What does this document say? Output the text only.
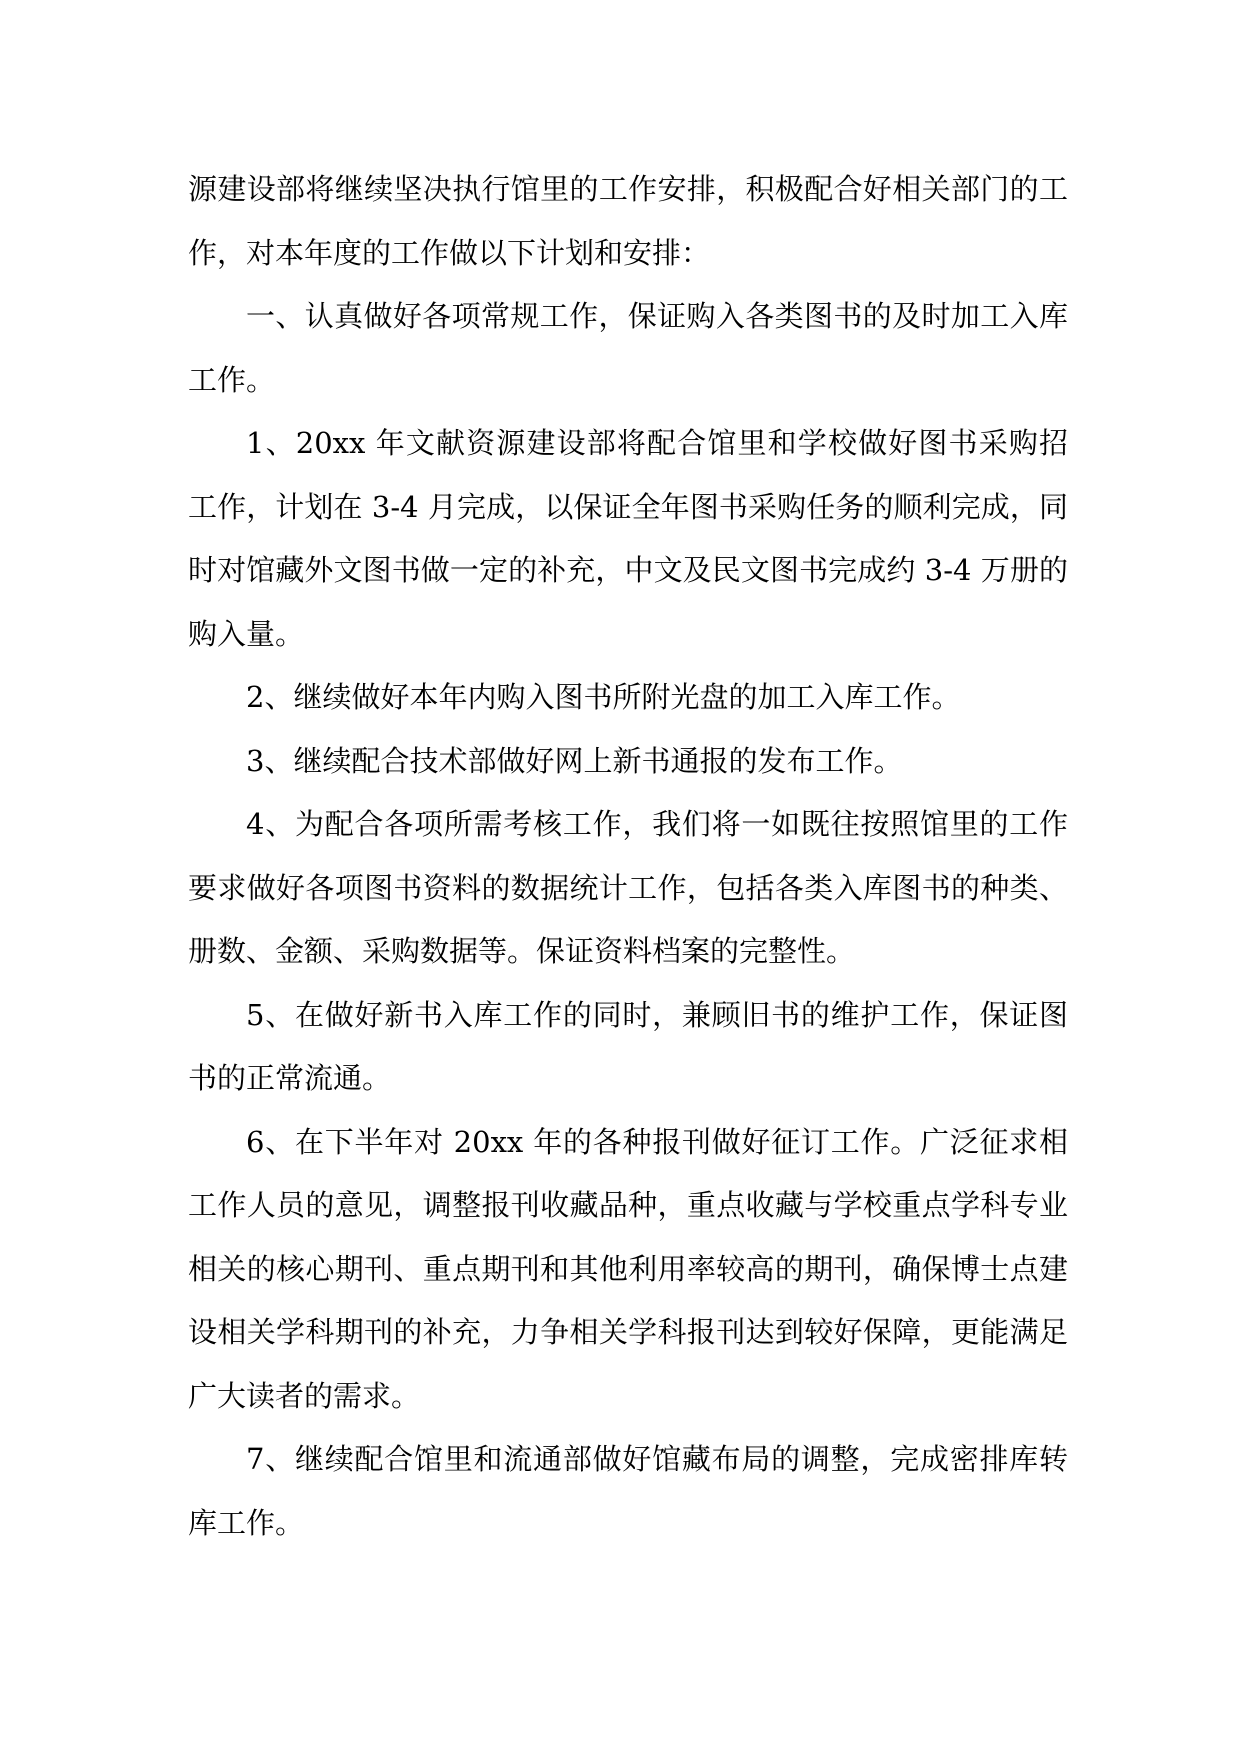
源建设部将继续坚决执行馆里的工作安排，积极配合好相关部门的工
作，对本年度的工作做以下计划和安排：
一、认真做好各项常规工作，保证购入各类图书的及时加工入库
工作。
1、20xx 年文献资源建设部将配合馆里和学校做好图书采购招
工作，计划在 3-4 月完成，以保证全年图书采购任务的顺利完成，同
时对馆藏外文图书做一定的补充，中文及民文图书完成约 3-4 万册的
购入量。
2、继续做好本年内购入图书所附光盘的加工入库工作。
3、继续配合技术部做好网上新书通报的发布工作。
4、为配合各项所需考核工作，我们将一如既往按照馆里的工作
要求做好各项图书资料的数据统计工作，包括各类入库图书的种类、
册数、金额、采购数据等。保证资料档案的完整性。
5、在做好新书入库工作的同时，兼顾旧书的维护工作，保证图
书的正常流通。
6、在下半年对 20xx 年的各种报刊做好征订工作。广泛征求相
工作人员的意见，调整报刊收藏品种，重点收藏与学校重点学科专业
相关的核心期刊、重点期刊和其他利用率较高的期刊，确保博士点建
设相关学科期刊的补充，力争相关学科报刊达到较好保障，更能满足
广大读者的需求。
7、继续配合馆里和流通部做好馆藏布局的调整，完成密排库转
库工作。
